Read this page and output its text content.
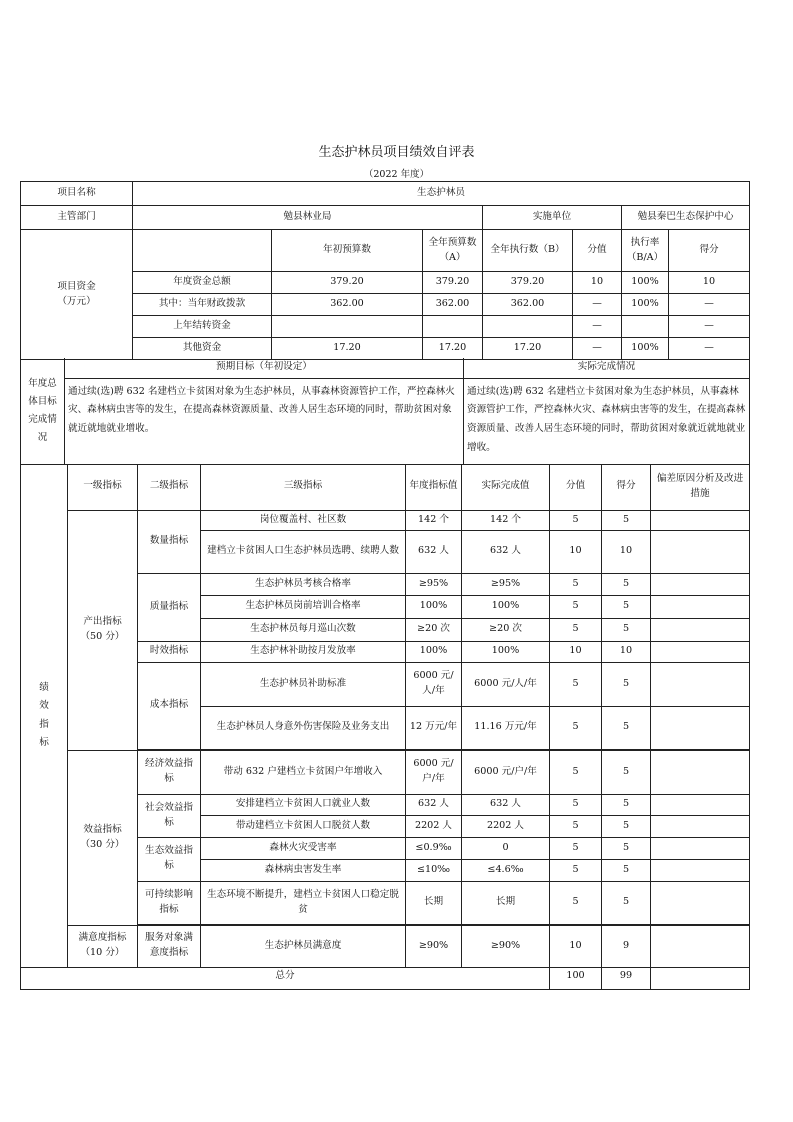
生态护林员项目绩效自评表
（2022 年度）
项目名称	生态护林员						
主管部门	勉县林业局			实施单位		勉县秦巴生态保护中心	

项目资金
（万元）		年初预算数	全年预算数（A）	全年执行数（B）	分值	执行率（B/A）	得分
	年度资金总额	379.20	379.20	379.20	10	100%	10
	其中：当年财政拨款	362.00	362.00	362.00	—	100%	—
	上年结转资金				—		—
	其他资金	17.20	17.20	17.20	—	100%	—
年度总体目标完成情况	预期目标（年初设定）	实际完成情况
	通过续(选)聘 632 名建档立卡贫困对象为生态护林员，从事森林资源管护工作，严控森林火灾、森林病虫害等的发生，在提高森林资源质量、改善人居生态环境的同时，帮助贫困对象就近就地就业增收。	通过续(选)聘 632 名建档立卡贫困对象为生态护林员，从事森林资源管护工作，严控森林火灾、森林病虫害等的发生，在提高森林资源质量、改善人居生态环境的同时，帮助贫困对象就近就地就业增收。
绩效指标	一级指标	二级指标	三级指标	年度指标值	实际完成值	分值	得分	偏差原因分析及改进措施

	产出指标
（50 分）	数量指标	岗位覆盖村、社区数	142 个	142 个	5	5	
			建档立卡贫困人口生态护林员选聘、续聘人数	632 人	632 人	10	10	
		质量指标	生态护林员考核合格率	≥95%	≥95%	5	5	
			生态护林员岗前培训合格率	100%	100%	5	5	
			生态护林员每月巡山次数	≥20 次	≥20 次	5	5	
		时效指标	生态护林补助按月发放率	100%	100%	10	10	
		成本指标	生态护林员补助标准	6000 元/人/年	6000 元/人/年	5	5	
			生态护林员人身意外伤害保险及业务支出	12 万元/年	11.16 万元/年	5	5	

	效益指标
（30 分）	经济效益指标	带动 632 户建档立卡贫困户年增收入	6000 元/户/年	6000 元/户/年	5	5	
		社会效益指标	安排建档立卡贫困人口就业人数	632 人	632 人	5	5	
			带动建档立卡贫困人口脱贫人数	2202 人	2202 人	5	5	
		生态效益指标	森林火灾受害率	≤0.9‰	0	5	5	
			森林病虫害发生率	≤10‰	≤4.6‰	5	5	
		可持续影响指标	生态环境不断提升，建档立卡贫困人口稳定脱贫	长期	长期	5	5	

	满意度指标
（10 分）	服务对象满意度指标	生态护林员满意度	≥90%	≥90%	10	9	

总分	100	99	
